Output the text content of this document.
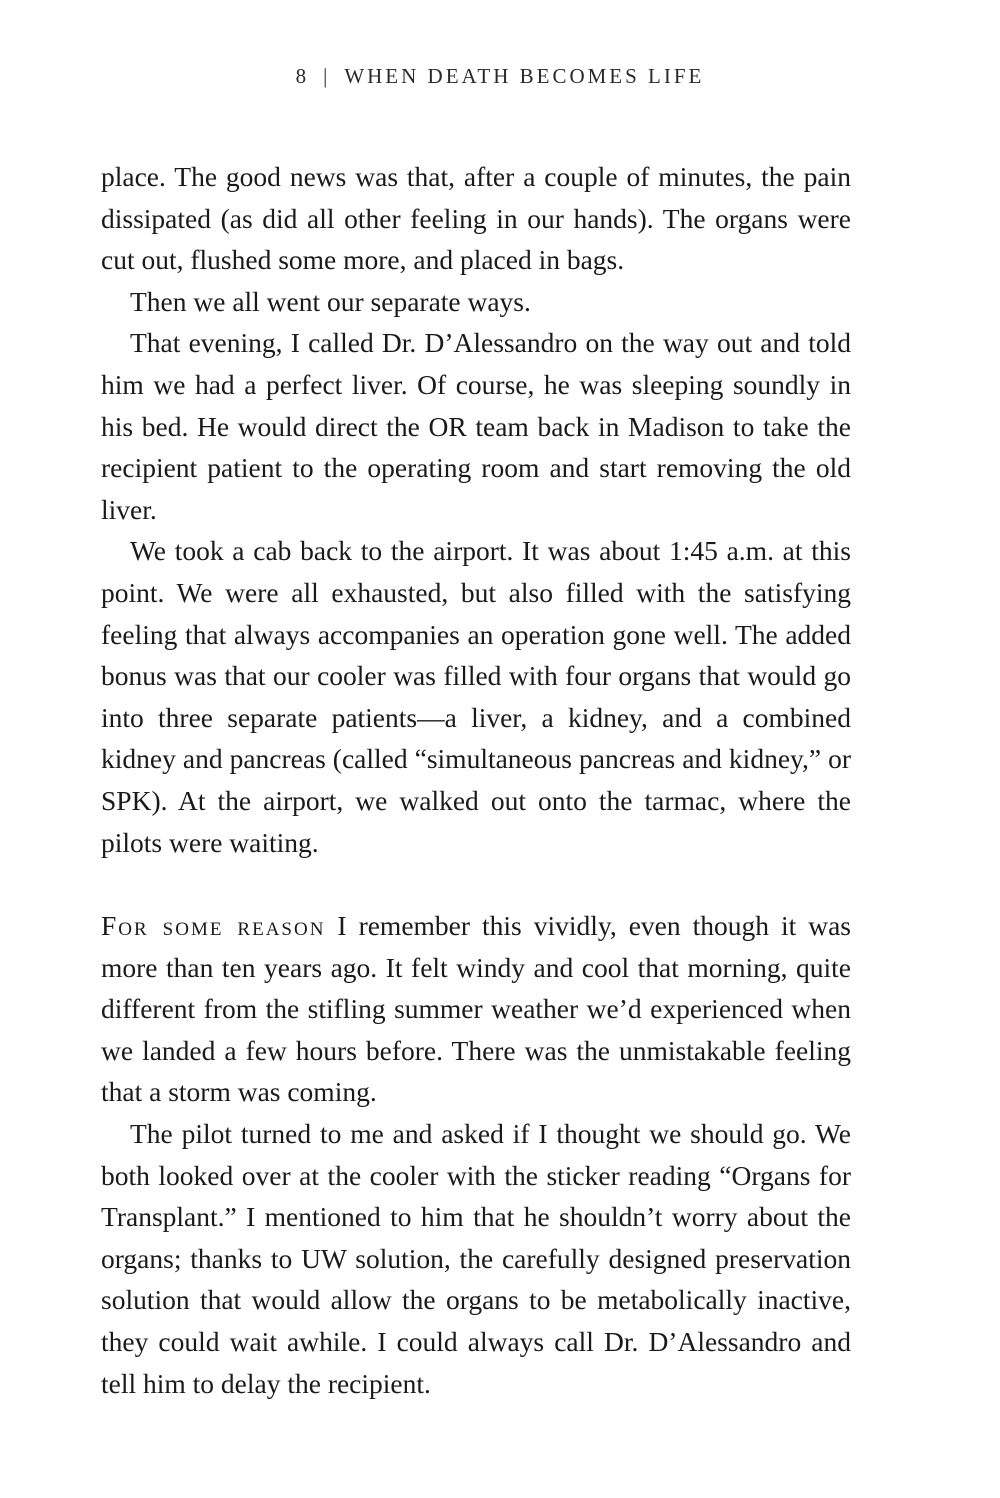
8 | WHEN DEATH BECOMES LIFE

place. The good news was that, after a couple of minutes, the pain dissipated (as did all other feeling in our hands). The organs were cut out, flushed some more, and placed in bags.

Then we all went our separate ways.

That evening, I called Dr. D’Alessandro on the way out and told him we had a perfect liver. Of course, he was sleeping soundly in his bed. He would direct the OR team back in Madison to take the recipient patient to the operating room and start removing the old liver.

We took a cab back to the airport. It was about 1:45 a.m. at this point. We were all exhausted, but also filled with the satisfying feeling that always accompanies an operation gone well. The added bonus was that our cooler was filled with four organs that would go into three separate patients—a liver, a kidney, and a combined kidney and pancreas (called “simultaneous pancreas and kidney,” or SPK). At the airport, we walked out onto the tarmac, where the pilots were waiting.

For some reason I remember this vividly, even though it was more than ten years ago. It felt windy and cool that morning, quite different from the stifling summer weather we’d experienced when we landed a few hours before. There was the unmistakable feeling that a storm was coming.

The pilot turned to me and asked if I thought we should go. We both looked over at the cooler with the sticker reading “Organs for Transplant.” I mentioned to him that he shouldn’t worry about the organs; thanks to UW solution, the carefully designed preservation solution that would allow the organs to be metabolically inactive, they could wait awhile. I could always call Dr. D’Alessandro and tell him to delay the recipient.
